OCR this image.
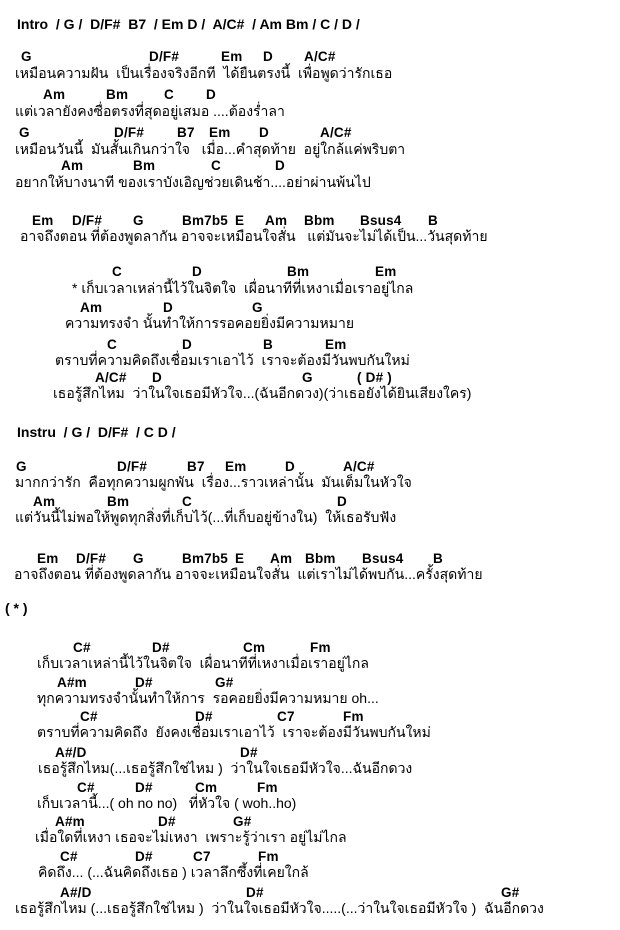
Intro  / G /  D/F#  B7  / Em D /  A/C#  / Am Bm / C / D /
G	D/F#	Em D A/C#
เหมือนความฝัน  เป็นเรื่องจริงอีกที  ได้ยืนตรงนี้  เพื่อพูดว่ารักเธอ
Am	Bm	C D
แต่เวลายังคงซื่อตรงที่สุดอยู่เสมอ ....ต้องร่ำลา
G	D/F# B7 Em D	A/C#
เหมือนวันนี้  มันสั้นเกินกว่าใจ   เมื่อ...คำสุดท้าย  อยู่ใกล้แค่พริบตา
Am	Bm	C	D
อยากให้บางนาที ของเราบังเอิญช่วยเดินช้า....อย่าผ่านพ้นไป
Em D/F# G	Bm7b5 E Am Bbm Bsus4 B
อาจถึงตอน ที่ต้องพูดลากัน อาจจะเหมือนใจสั่น   แต่มันจะไม่ได้เป็น...วันสุดท้าย
C	D	Bm	Em
* เก็บเวลาเหล่านี้ไว้ในจิตใจ  เผื่อนาทีที่เหงาเมื่อเราอยู่ไกล
Am	D	G
ความทรงจำ นั้นทำให้การรอคอยยิ่งมีความหมาย
C	D	B	Em
ตราบที่ความคิดถึงเชื่อมเราเอาไว้  เราจะต้องมีวันพบกันใหม่
A/C# D	G	( D# )
เธอรู้สึกไหม  ว่าในใจเธอมีหัวใจ...(ฉันอีกดวง)(ว่าเธอยังได้ยินเสียงใคร)
Instru  / G /  D/F#  / C D /
G	D/F#	B7 Em	D	A/C#
มากกว่ารัก  คือทุกความผูกพัน  เรื่อง...ราวเหล่านั้น  มันเต็มในหัวใจ
Am	Bm	C	D
แต่วันนี้ไม่พอให้พูดทุกสิ่งที่เก็บไว้(...ที่เก็บอยู่ข้างใน)  ให้เธอรับฟัง
Em D/F# G	Bm7b5 E Am Bbm Bsus4 B
อาจถึงตอน ที่ต้องพูดลากัน อาจจะเหมือนใจสั่น  แต่เราไม่ได้พบกัน...ครั้งสุดท้าย
( * )
C#	D#	Cm	Fm
เก็บเวลาเหล่านี้ไว้ในจิตใจ  เผื่อนาทีที่เหงาเมื่อเราอยู่ไกล
A#m	D#	G#
ทุกความทรงจำนั้นทำให้การ  รอคอยยิ่งมีความหมาย oh...
C#	D#	C7	Fm
ตราบที่ความคิดถึง  ยังคงเชื่อมเราเอาไว้  เราจะต้องมีวันพบกันใหม่
A#/D	D#
เธอรู้สึกไหม(...เธอรู้สึกใช่ไหม )  ว่าในใจเธอมีหัวใจ...ฉันอีกดวง
C#	D#	Cm	Fm
เก็บเวลานี้...( oh no no)   ที่หัวใจ ( woh..ho)
A#m	D#	G#
เมื่อใดที่เหงา เธอจะไม่เหงา  เพราะรู้ว่าเรา อยู่ไม่ไกล
C#	D#	C7	Fm
คิดถึง... (...ฉันคิดถึงเธอ ) เวลาลึกซึ้งที่เคยใกล้
A#/D	D#	G#
เธอรู้สึกไหม (...เธอรู้สึกใช่ไหม )  ว่าในใจเธอมีหัวใจ.....(...ว่าในใจเธอมีหัวใจ )  ฉันอีกดวง
